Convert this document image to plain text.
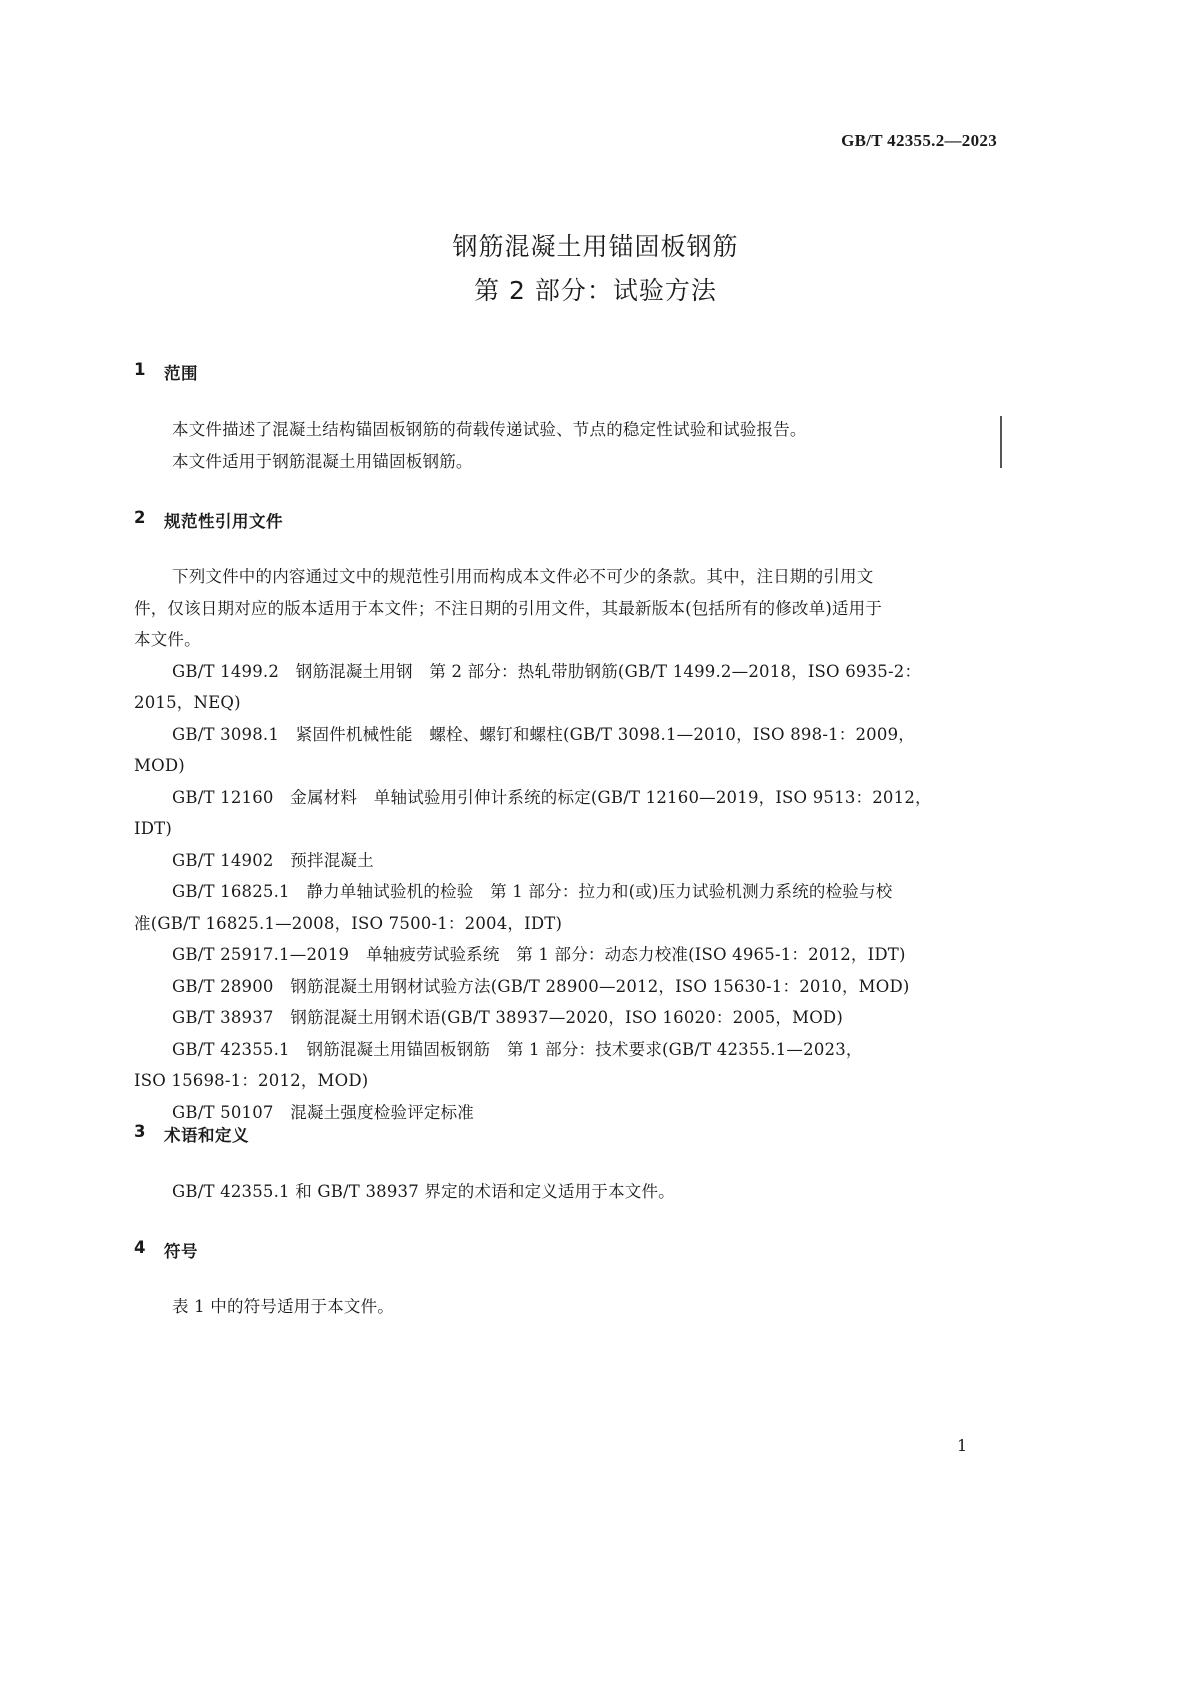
GB/T 42355.2—2023
钢筋混凝土用锚固板钢筋
第 2 部分：试验方法
1 范围

本文件描述了混凝土结构锚固板钢筋的荷载传递试验、节点的稳定性试验和试验报告。

本文件适用于钢筋混凝土用锚固板钢筋。

2 规范性引用文件

下列文件中的内容通过文中的规范性引用而构成本文件必不可少的条款。其中，注日期的引用文

件，仅该日期对应的版本适用于本文件；不注日期的引用文件，其最新版本(包括所有的修改单)适用于

本文件。

GB/T 1499.2　钢筋混凝土用钢　第 2 部分：热轧带肋钢筋(GB/T 1499.2—2018，ISO 6935-2：

2015，NEQ)

GB/T 3098.1　紧固件机械性能　螺栓、螺钉和螺柱(GB/T 3098.1—2010，ISO 898-1：2009，

MOD)

GB/T 12160　金属材料　单轴试验用引伸计系统的标定(GB/T 12160—2019，ISO 9513：2012，

IDT)

GB/T 14902　预拌混凝土

GB/T 16825.1　静力单轴试验机的检验　第 1 部分：拉力和(或)压力试验机测力系统的检验与校

准(GB/T 16825.1—2008，ISO 7500-1：2004，IDT)

GB/T 25917.1—2019　单轴疲劳试验系统　第 1 部分：动态力校准(ISO 4965-1：2012，IDT)

GB/T 28900　钢筋混凝土用钢材试验方法(GB/T 28900—2012，ISO 15630-1：2010，MOD)

GB/T 38937　钢筋混凝土用钢术语(GB/T 38937—2020，ISO 16020：2005，MOD)

GB/T 42355.1　钢筋混凝土用锚固板钢筋　第 1 部分：技术要求(GB/T 42355.1—2023，

ISO 15698-1：2012，MOD)

GB/T 50107　混凝土强度检验评定标准

3 术语和定义

GB/T 42355.1 和 GB/T 38937 界定的术语和定义适用于本文件。

4 符号

表 1 中的符号适用于本文件。

1
